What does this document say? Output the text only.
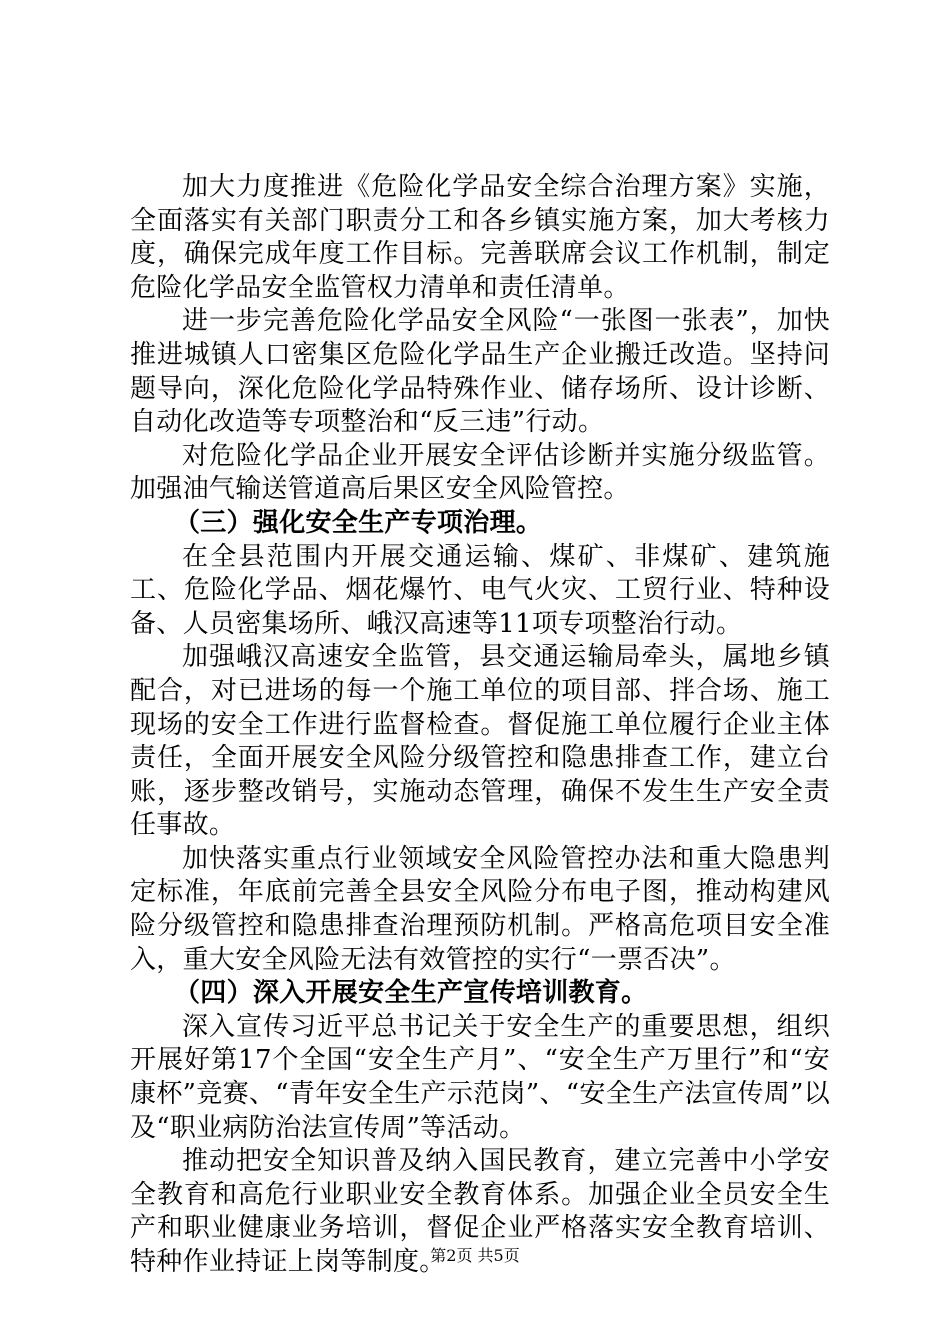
加大力度推进《危险化学品安全综合治理方案》实施，全面落实有关部门职责分工和各乡镇实施方案，加大考核力度，确保完成年度工作目标。完善联席会议工作机制，制定危险化学品安全监管权力清单和责任清单。

进一步完善危险化学品安全风险“一张图一张表”，加快推进城镇人口密集区危险化学品生产企业搬迁改造。坚持问题导向，深化危险化学品特殊作业、储存场所、设计诊断、自动化改造等专项整治和“反三违”行动。

对危险化学品企业开展安全评估诊断并实施分级监管。加强油气输送管道高后果区安全风险管控。

（三）强化安全生产专项治理。

在全县范围内开展交通运输、煤矿、非煤矿、建筑施工、危险化学品、烟花爆竹、电气火灾、工贸行业、特种设备、人员密集场所、峨汉高速等11项专项整治行动。

加强峨汉高速安全监管，县交通运输局牵头，属地乡镇配合，对已进场的每一个施工单位的项目部、拌合场、施工现场的安全工作进行监督检查。督促施工单位履行企业主体责任，全面开展安全风险分级管控和隐患排查工作，建立台账，逐步整改销号，实施动态管理，确保不发生生产安全责任事故。

加快落实重点行业领域安全风险管控办法和重大隐患判定标准，年底前完善全县安全风险分布电子图，推动构建风险分级管控和隐患排查治理预防机制。严格高危项目安全准入，重大安全风险无法有效管控的实行“一票否决”。

（四）深入开展安全生产宣传培训教育。

深入宣传习近平总书记关于安全生产的重要思想，组织开展好第17个全国“安全生产月”、“安全生产万里行”和“安康杯”竞赛、“青年安全生产示范岗”、“安全生产法宣传周”以及“职业病防治法宣传周”等活动。

推动把安全知识普及纳入国民教育，建立完善中小学安全教育和高危行业职业安全教育体系。加强企业全员安全生产和职业健康业务培训，督促企业严格落实安全教育培训、特种作业持证上岗等制度。

第2页 共5页
